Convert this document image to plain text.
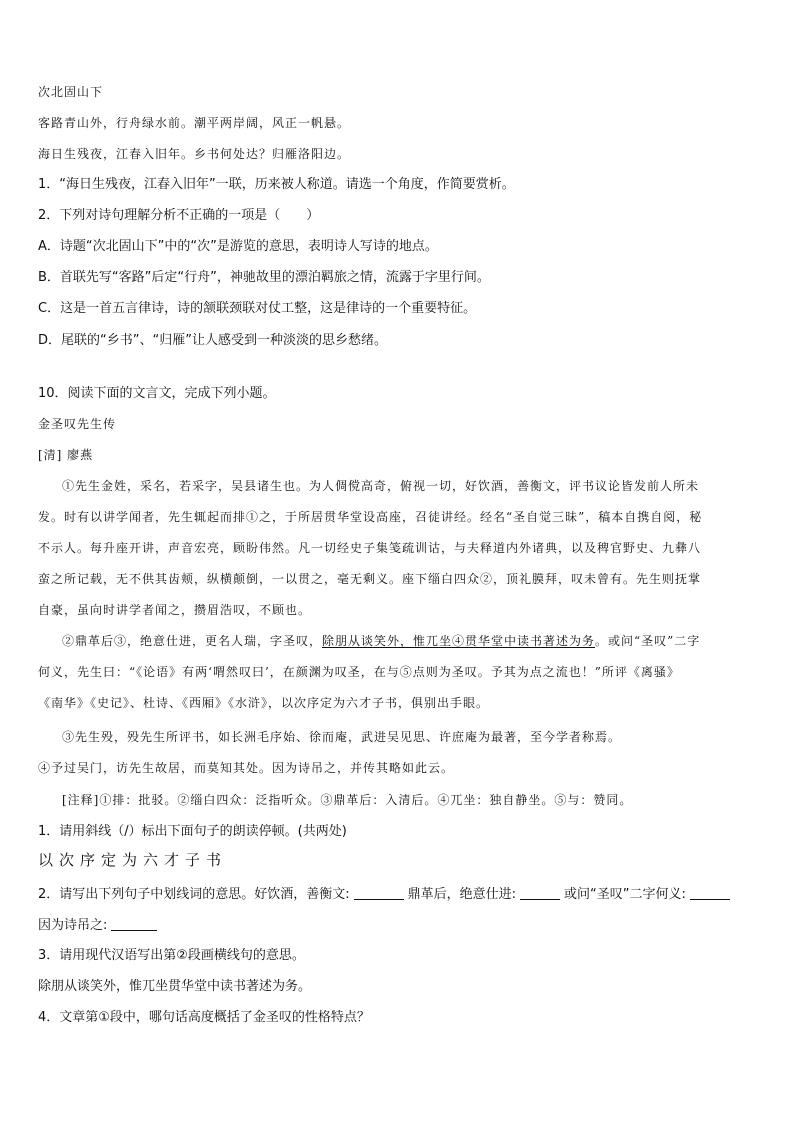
次北固山下
客路青山外，行舟绿水前。潮平两岸阔，风正一帆悬。
海日生残夜，江春入旧年。乡书何处达？归雁洛阳边。
1．“海日生残夜，江春入旧年”一联，历来被人称道。请选一个角度，作简要赏析。
2．下列对诗句理解分析不正确的一项是（　　）
A．诗题“次北固山下”中的“次”是游览的意思，表明诗人写诗的地点。
B．首联先写“客路”后定“行舟”，神驰故里的漂泊羁旅之情，流露于字里行间。
C．这是一首五言律诗，诗的颔联颈联对仗工整，这是律诗的一个重要特征。
D．尾联的“乡书”、“归雁”让人感受到一种淡淡的思乡愁绪。
10．阅读下面的文言文，完成下列小题。
金圣叹先生传
[清] 廖燕
①先生金姓，采名，若采字，吴县诸生也。为人倜傥高奇，俯视一切，好饮酒，善衡文，评书议论皆发前人所未
发。时有以讲学闻者，先生辄起而排①之，于所居贯华堂设高座，召徒讲经。经名“圣自觉三昧”，稿本自携自阅，秘
不示人。每升座开讲，声音宏亮，顾盼伟然。凡一切经史子集笺疏训诂，与夫释道内外诸典，以及稗官野史、九彝八
蛮之所记载，无不供其齿颊，纵横颠倒，一以贯之，毫无剩义。座下缁白四众②，顶礼膜拜，叹未曾有。先生则抚掌
自豪，虽向时讲学者闻之，攒眉浩叹，不顾也。
②鼎革后③，绝意仕进，更名人瑞，字圣叹，除朋从谈笑外，惟兀坐④贯华堂中读书著述为务。或问“圣叹”二字
何义，先生曰：“《论语》有两‘喟然叹曰’，在颜渊为叹圣，在与⑤点则为圣叹。予其为点之流也！”所评《离骚》
《南华》《史记》、杜诗、《西厢》《水浒》，以次序定为六才子书，俱别出手眼。
③先生殁，殁先生所评书，如长洲毛序始、徐而庵，武进吴见思、许庶庵为最著，至今学者称焉。
④予过吴门，访先生故居，而莫知其处。因为诗吊之，并传其略如此云。
[注释]①排：批驳。②缁白四众：泛指听众。③鼎革后：入清后。④兀坐：独自静坐。⑤与：赞同。
1．请用斜线（/）标出下面句子的朗读停顿。(共两处)
以次序定为六才子书
2．请写出下列句子中划线词的意思。好饮酒，善衡文:	鼎革后，绝意仕进:	或问“圣叹”二字何义:
因为诗吊之:
3．请用现代汉语写出第②段画横线句的意思。
除朋从谈笑外，惟兀坐贯华堂中读书著述为务。
4．文章第①段中，哪句话高度概括了金圣叹的性格特点？
